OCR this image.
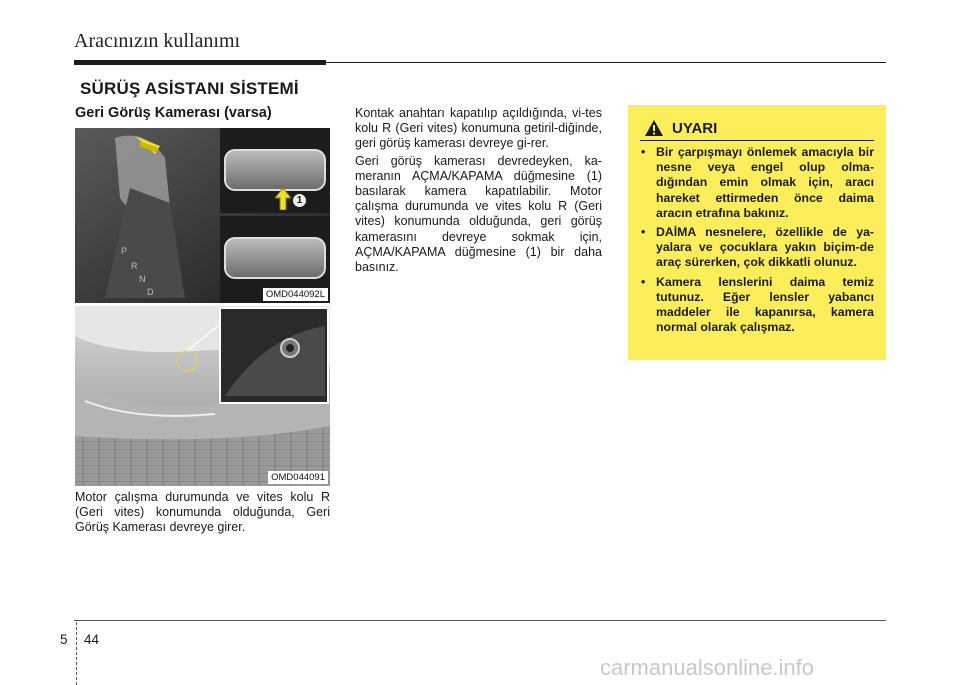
Aracınızın kullanımı
SÜRÜŞ ASİSTANI SİSTEMİ
Geri Görüş Kamerası (varsa)
P
R
N
D
1
OMD044092L
OMD044091
Motor çalışma durumunda ve vites kolu R (Geri vites) konumunda olduğunda, Geri Görüş Kamerası devreye girer.

Kontak anahtarı kapatılıp açıldığında, vi-tes kolu R (Geri vites) konumuna getiril-diğinde, geri görüş kamerası devreye gi-rer.

Geri görüş kamerası devredeyken, ka-meranın AÇMA/KAPAMA düğmesine (1) basılarak kamera kapatılabilir. Motor çalışma durumunda ve vites kolu R (Geri vites) konumunda olduğunda, geri görüş kamerasını devreye sokmak için, AÇMA/KAPAMA düğmesine (1) bir daha basınız.

UYARI
• Bir çarpışmayı önlemek amacıyla bir nesne veya engel olup olma-dığından emin olmak için, aracı hareket ettirmeden önce daima aracın etrafına bakınız.
• DAİMA nesnelere, özellikle de ya-yalara ve çocuklara yakın biçim-de araç sürerken, çok dikkatli olunuz.
• Kamera lenslerini daima temiz tutunuz. Eğer lensler yabancı maddeler ile kapanırsa, kamera normal olarak çalışmaz.
5 44
carmanualsonline.info
